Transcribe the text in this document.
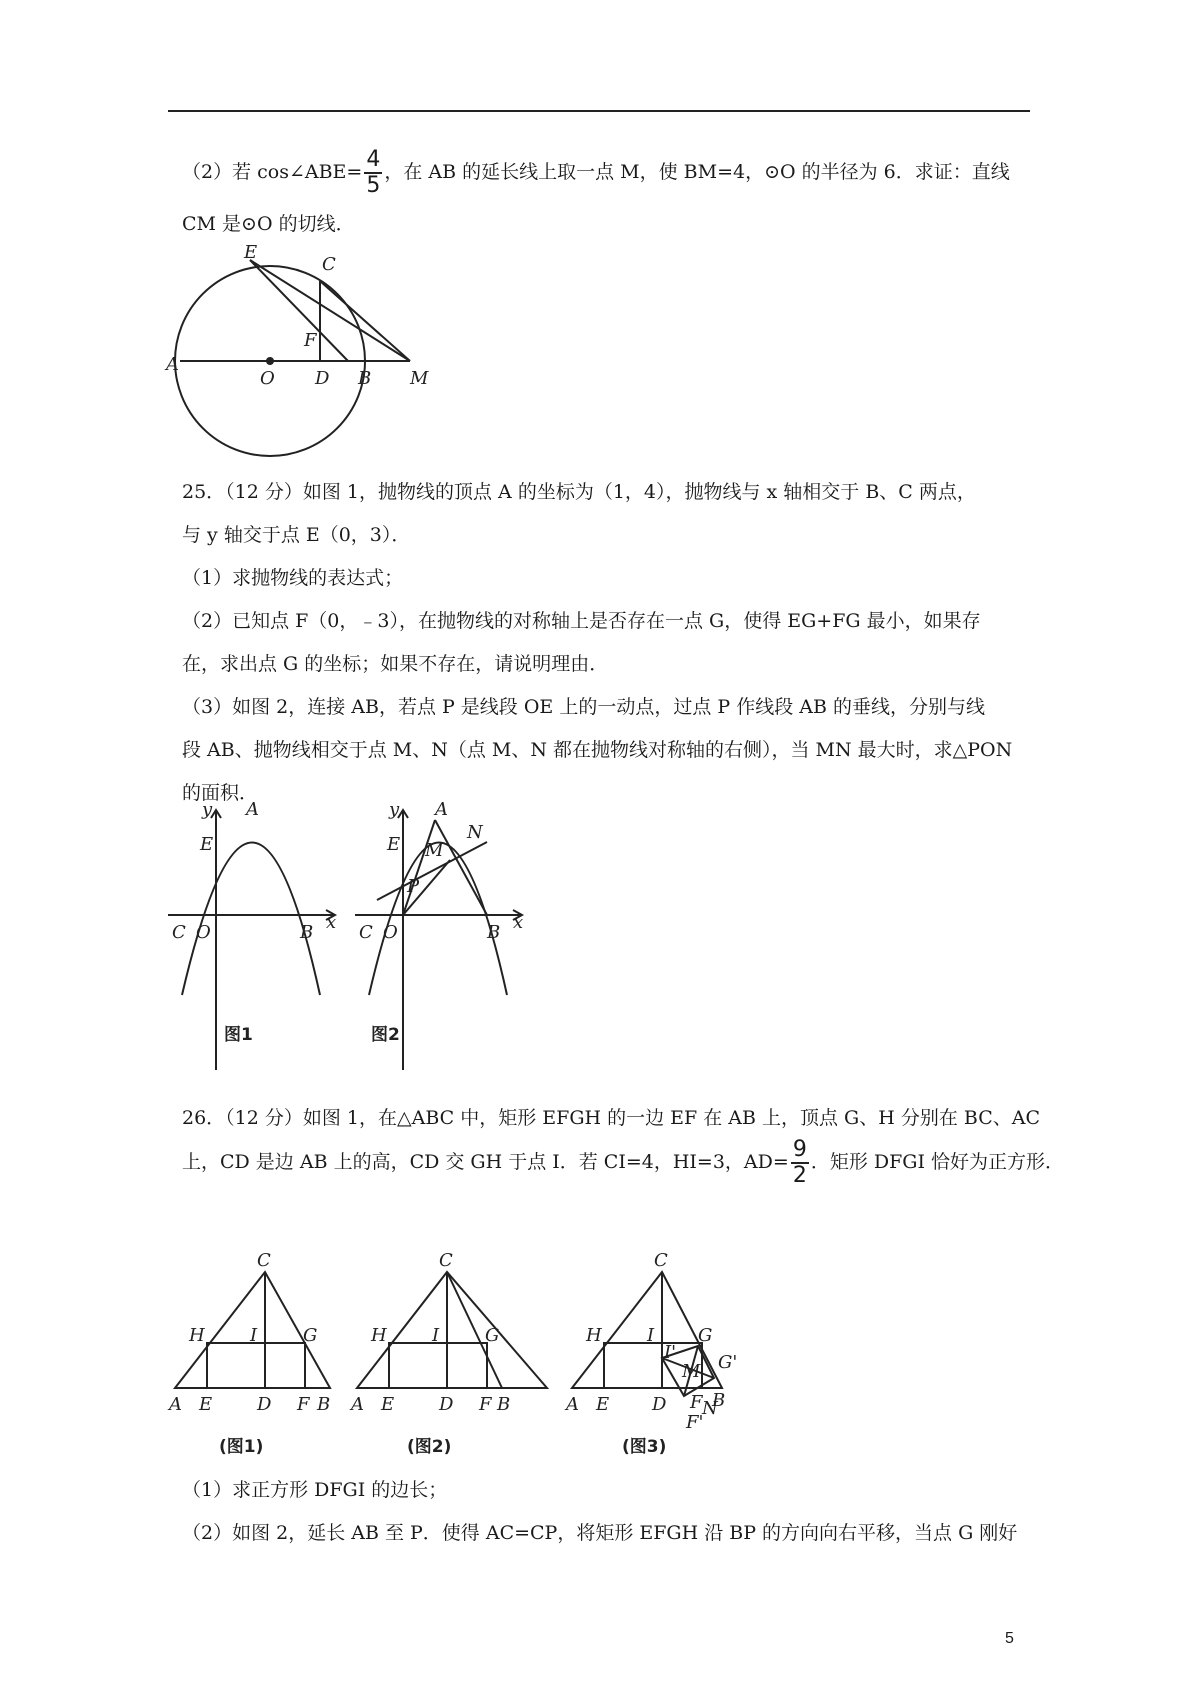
（2）若 cos∠ABE= $\frac{4}{5}$ ，在 AB 的延长线上取一点 M，使 BM=4，⊙O 的半径为 6．求证：直线
CM 是⊙O 的切线．
E
C
F
A
O D B M
25．（12 分）如图 1，抛物线的顶点 A 的坐标为（1，4），抛物线与 x 轴相交于 B、C 两点，
与 y 轴交于点 E（0，3）．
（1）求抛物线的表达式；
（2）已知点 F（0，﹣3），在抛物线的对称轴上是否存在一点 G，使得 EG+FG 最小，如果存
在，求出点 G 的坐标；如果不存在，请说明理由．
（3）如图 2，连接 AB，若点 P 是线段 OE 上的一动点，过点 P 作线段 AB 的垂线，分别与线
段 AB、抛物线相交于点 M、N（点 M、N 都在抛物线对称轴的右侧），当 MN 最大时，求△PON
的面积．
y A
E
C O	B x
图1
y A
N
E M
P
C O	B x
图2
26．（12 分）如图 1，在△ABC 中，矩形 EFGH 的一边 EF 在 AB 上，顶点 G、H 分别在 BC、AC
上，CD 是边 AB 上的高，CD 交 GH 于点 I．若 CI=4，HI=3，$AD= \frac{9}{2}$ ．矩形 DFGI 恰好为正方形．
C
H	I	G
A E D F B
(图1)
C
H	I	G
A E D F B
(图2)
C
H	I G
I'
M G'
A E D F N
B
F'
(图3)
（1）求正方形 DFGI 的边长；
（2）如图 2，延长 AB 至 P．使得 AC=CP，将矩形 EFGH 沿 BP 的方向向右平移，当点 G 刚好
5
